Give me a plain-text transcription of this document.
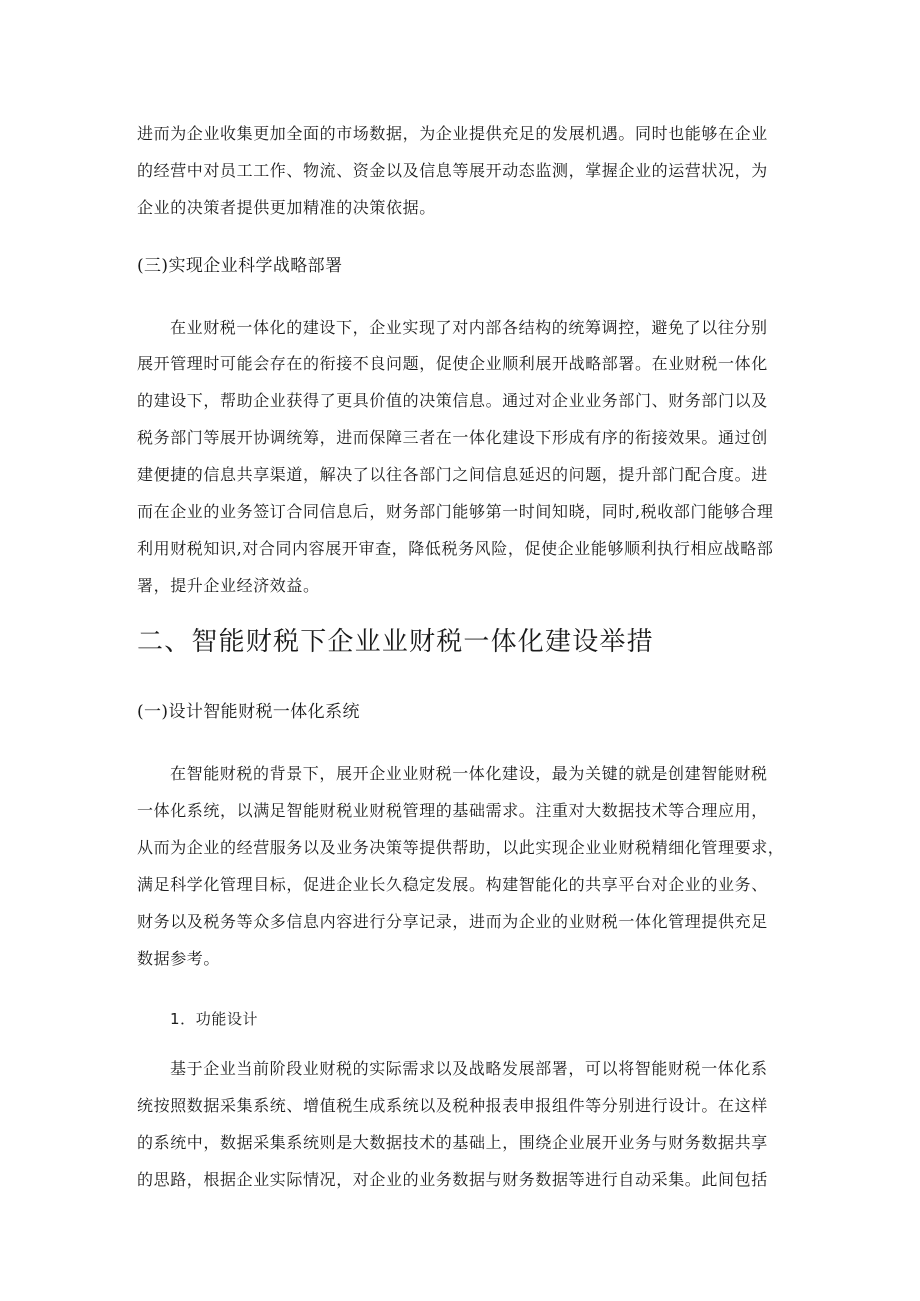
进而为企业收集更加全面的市场数据，为企业提供充足的发展机遇。同时也能够在企业
的经营中对员工工作、物流、资金以及信息等展开动态监测，掌握企业的运营状况，为
企业的决策者提供更加精准的决策依据。
(三)实现企业科学战略部署
在业财税一体化的建设下，企业实现了对内部各结构的统筹调控，避免了以往分别
展开管理时可能会存在的衔接不良问题，促使企业顺利展开战略部署。在业财税一体化
的建设下，帮助企业获得了更具价值的决策信息。通过对企业业务部门、财务部门以及
税务部门等展开协调统筹，进而保障三者在一体化建设下形成有序的衔接效果。通过创
建便捷的信息共享渠道，解决了以往各部门之间信息延迟的问题，提升部门配合度。进
而在企业的业务签订合同信息后，财务部门能够第一时间知晓，同时,税收部门能够合理
利用财税知识,对合同内容展开审查，降低税务风险，促使企业能够顺利执行相应战略部
署，提升企业经济效益。
二、智能财税下企业业财税一体化建设举措
(一)设计智能财税一体化系统
在智能财税的背景下，展开企业业财税一体化建设，最为关键的就是创建智能财税
一体化系统，以满足智能财税业财税管理的基础需求。注重对大数据技术等合理应用，
从而为企业的经营服务以及业务决策等提供帮助，以此实现企业业财税精细化管理要求，
满足科学化管理目标，促进企业长久稳定发展。构建智能化的共享平台对企业的业务、
财务以及税务等众多信息内容进行分享记录，进而为企业的业财税一体化管理提供充足
数据参考。
1．功能设计
基于企业当前阶段业财税的实际需求以及战略发展部署，可以将智能财税一体化系
统按照数据采集系统、增值税生成系统以及税种报表申报组件等分别进行设计。在这样
的系统中，数据采集系统则是大数据技术的基础上，围绕企业展开业务与财务数据共享
的思路，根据企业实际情况，对企业的业务数据与财务数据等进行自动采集。此间包括
